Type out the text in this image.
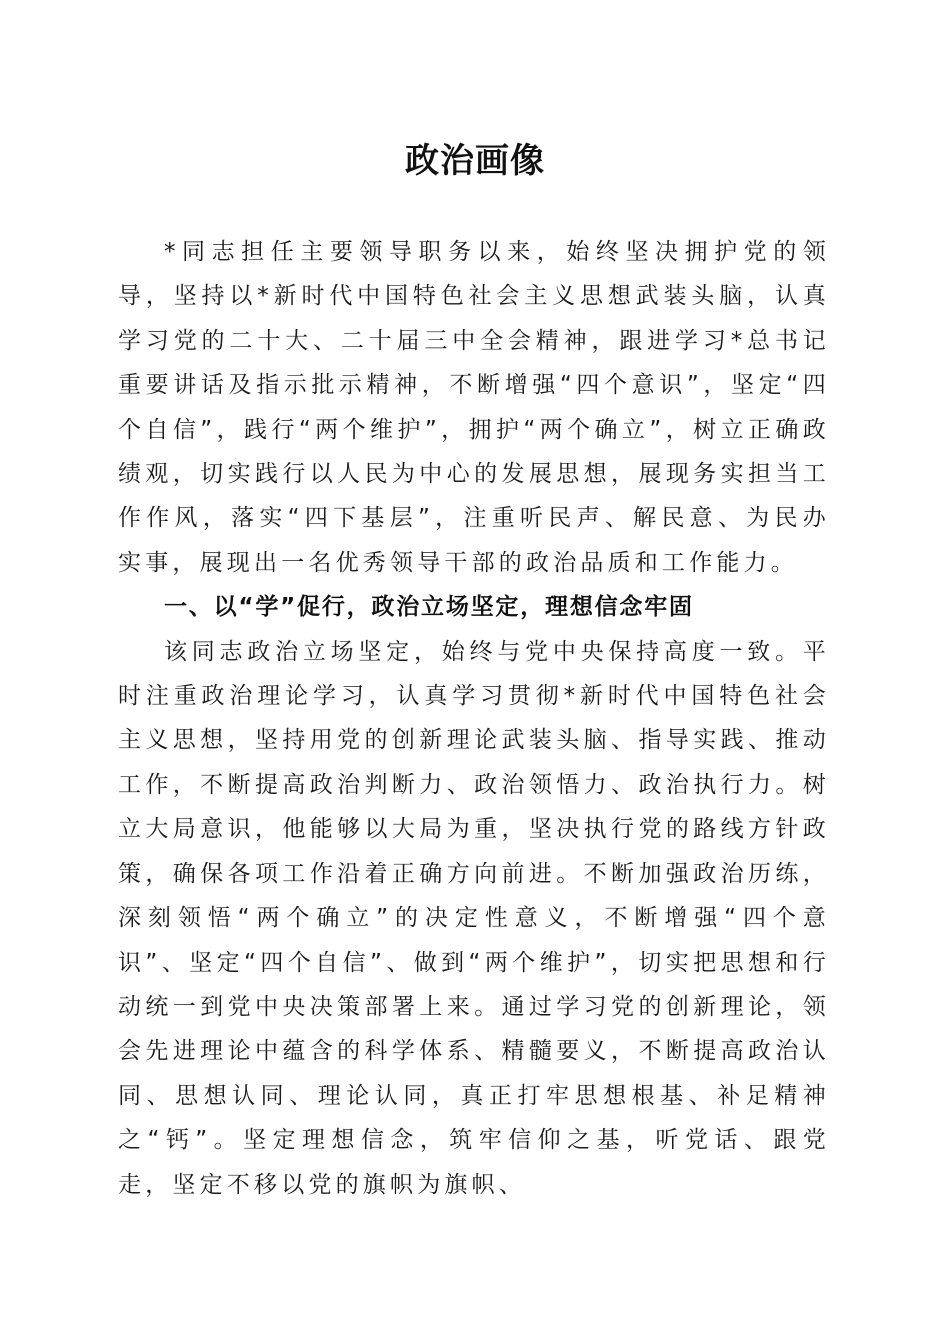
政治画像

*同志担任主要领导职务以来，始终坚决拥护党的领导，坚持以*新时代中国特色社会主义思想武装头脑，认真学习党的二十大、二十届三中全会精神，跟进学习*总书记重要讲话及指示批示精神，不断增强“四个意识”，坚定“四个自信”，践行“两个维护”，拥护“两个确立”，树立正确政绩观，切实践行以人民为中心的发展思想，展现务实担当工作作风，落实“四下基层”，注重听民声、解民意、为民办实事，展现出一名优秀领导干部的政治品质和工作能力。

一、以“学”促行，政治立场坚定，理想信念牢固

该同志政治立场坚定，始终与党中央保持高度一致。平时注重政治理论学习，认真学习贯彻*新时代中国特色社会主义思想，坚持用党的创新理论武装头脑、指导实践、推动工作，不断提高政治判断力、政治领悟力、政治执行力。树立大局意识，他能够以大局为重，坚决执行党的路线方针政策，确保各项工作沿着正确方向前进。不断加强政治历练，深刻领悟“两个确立”的决定性意义，不断增强“四个意识”、坚定“四个自信”、做到“两个维护”，切实把思想和行动统一到党中央决策部署上来。通过学习党的创新理论，领会先进理论中蕴含的科学体系、精髓要义，不断提高政治认同、思想认同、理论认同，真正打牢思想根基、补足精神之“钙”。坚定理想信念，筑牢信仰之基，听党话、跟党走，坚定不移以党的旗帜为旗帜、
